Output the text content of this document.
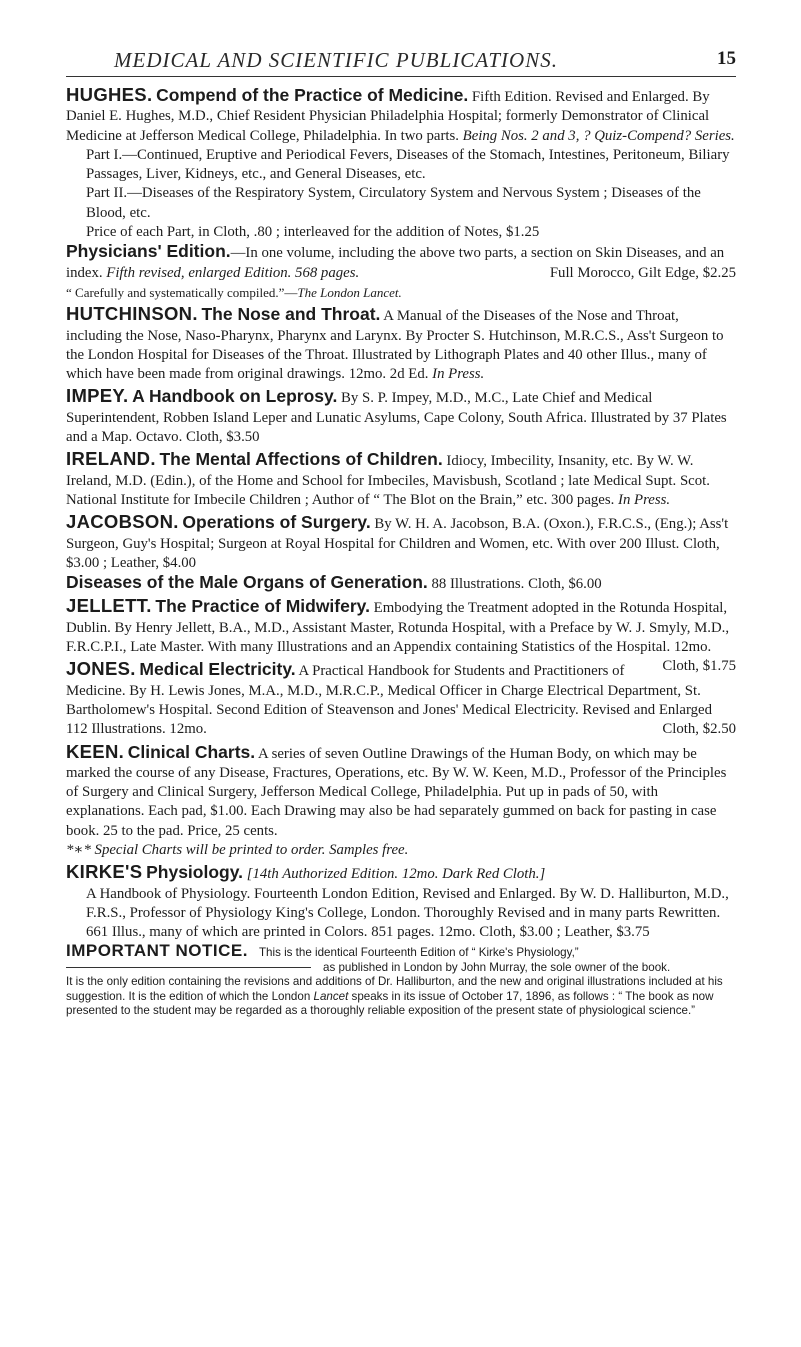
MEDICAL AND SCIENTIFIC PUBLICATIONS.	15

HUGHES. Compend of the Practice of Medicine. Fifth Edition. Revised and Enlarged. By Daniel E. Hughes, M.D., Chief Resident Physician Philadelphia Hospital; formerly Demonstrator of Clinical Medicine at Jefferson Medical College, Philadelphia. In two parts. Being Nos. 2 and 3, ? Quiz-Compend? Series.

Part I.—Continued, Eruptive and Periodical Fevers, Diseases of the Stomach, Intestines, Peritoneum, Biliary Passages, Liver, Kidneys, etc., and General Diseases, etc.

Part II.—Diseases of the Respiratory System, Circulatory System and Nervous System ; Diseases of the Blood, etc.

Price of each Part, in Cloth, .80 ; interleaved for the addition of Notes, $1.25

Physicians' Edition.—In one volume, including the above two parts, a section on Skin Diseases, and an index. Fifth revised, enlarged Edition. 568 pages.	Full Morocco, Gilt Edge, $2.25

“ Carefully and systematically compiled.”—The London Lancet.

HUTCHINSON. The Nose and Throat. A Manual of the Diseases of the Nose and Throat, including the Nose, Naso-Pharynx, Pharynx and Larynx. By Procter S. Hutchinson, M.R.C.S., Ass't Surgeon to the London Hospital for Diseases of the Throat. Illustrated by Lithograph Plates and 40 other Illus., many of which have been made from original drawings. 12mo. 2d Ed. In Press.

IMPEY. A Handbook on Leprosy. By S. P. Impey, M.D., M.C., Late Chief and Medical Superintendent, Robben Island Leper and Lunatic Asylums, Cape Colony, South Africa. Illustrated by 37 Plates and a Map. Octavo. Cloth, $3.50

IRELAND. The Mental Affections of Children. Idiocy, Imbecility, Insanity, etc. By W. W. Ireland, M.D. (Edin.), of the Home and School for Imbeciles, Mavisbush, Scotland ; late Medical Supt. Scot. National Institute for Imbecile Children ; Author of “ The Blot on the Brain,” etc. 300 pages. In Press.

JACOBSON. Operations of Surgery. By W. H. A. Jacobson, B.A. (Oxon.), F.R.C.S., (Eng.); Ass't Surgeon, Guy's Hospital; Surgeon at Royal Hospital for Children and Women, etc. With over 200 Illust. Cloth, $3.00 ; Leather, $4.00

Diseases of the Male Organs of Generation. 88 Illustrations. Cloth, $6.00

JELLETT. The Practice of Midwifery. Embodying the Treatment adopted in the Rotunda Hospital, Dublin. By Henry Jellett, B.A., M.D., Assistant Master, Rotunda Hospital, with a Preface by W. J. Smyly, M.D., F.R.C.P.I., Late Master. With many Illustrations and an Appendix containing Statistics of the Hospital. 12mo.
Cloth, $1.75

JONES. Medical Electricity. A Practical Handbook for Students and Practitioners of Medicine. By H. Lewis Jones, M.A., M.D., M.R.C.P., Medical Officer in Charge Electrical Department, St. Bartholomew's Hospital. Second Edition of Steavenson and Jones' Medical Electricity. Revised and Enlarged 112 Illustrations. 12mo.	Cloth, $2.50

KEEN. Clinical Charts. A series of seven Outline Drawings of the Human Body, on which may be marked the course of any Disease, Fractures, Operations, etc. By W. W. Keen, M.D., Professor of the Principles of Surgery and Clinical Surgery, Jefferson Medical College, Philadelphia. Put up in pads of 50, with explanations. Each pad, $1.00. Each Drawing may also be had separately gummed on back for pasting in case book. 25 to the pad. Price, 25 cents.

*∗* Special Charts will be printed to order. Samples free.

KIRKE'S Physiology. [14th Authorized Edition. 12mo. Dark Red Cloth.]

A Handbook of Physiology. Fourteenth London Edition, Revised and Enlarged. By W. D. Halliburton, M.D., F.R.S., Professor of Physiology King's College, London. Thoroughly Revised and in many parts Rewritten. 661 Illus., many of which are printed in Colors. 851 pages. 12mo. Cloth, $3.00 ; Leather, $3.75

IMPORTANT NOTICE. This is the identical Fourteenth Edition of “ Kirke's Physiology,”
as published in London by John Murray, the sole owner of the book.
It is the only edition containing the revisions and additions of Dr. Halliburton, and the new and original illustrations included at his suggestion. It is the edition of which the London Lancet speaks in its issue of October 17, 1896, as follows : “ The book as now presented to the student may be regarded as a thoroughly reliable exposition of the present state of physiological science.”
